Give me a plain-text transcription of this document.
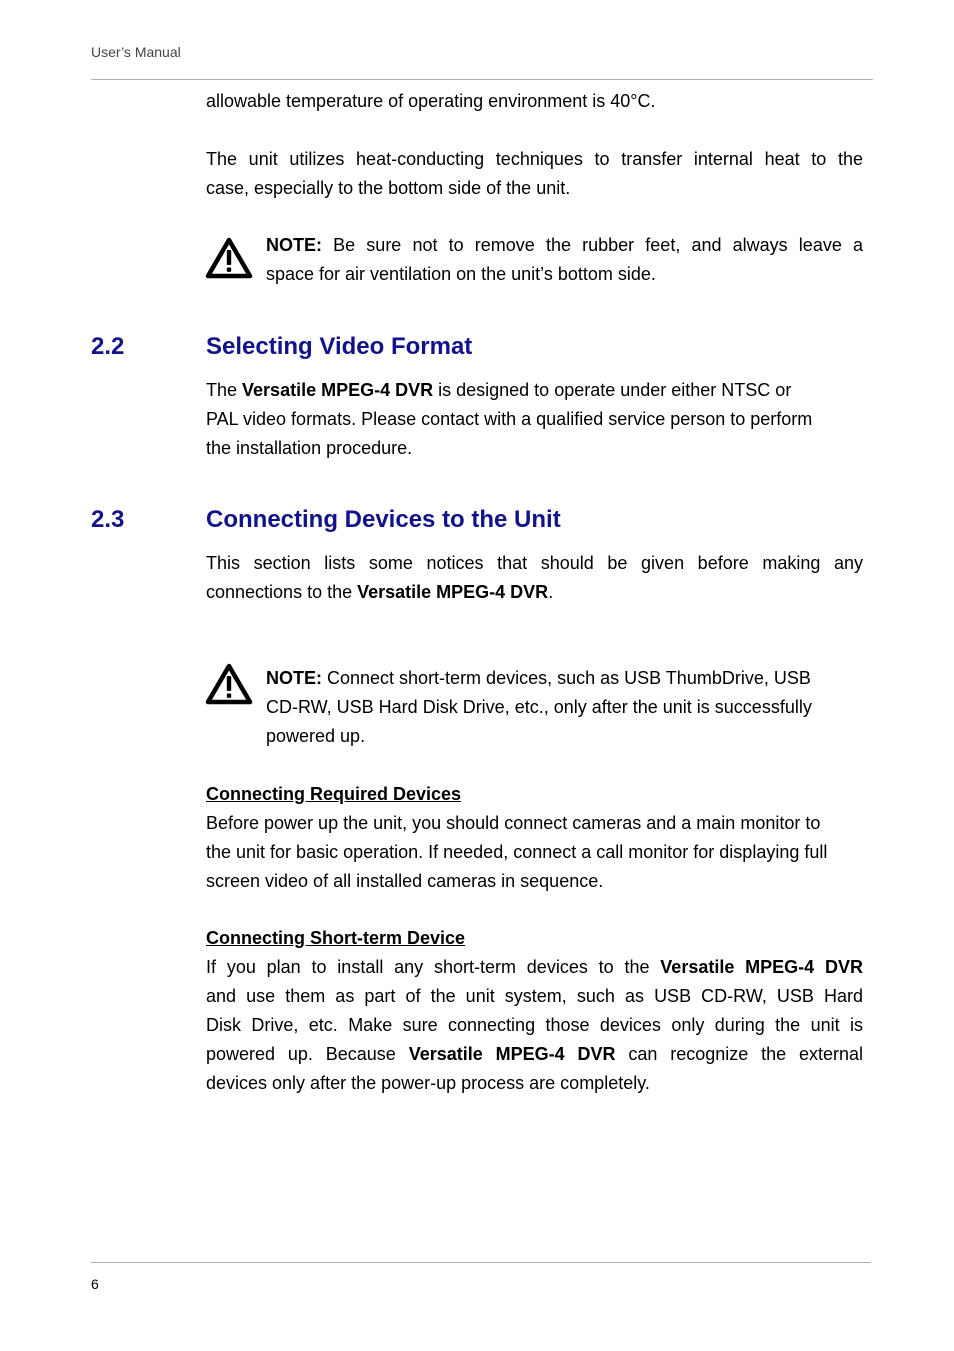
User’s Manual
allowable temperature of operating environment is 40°C.
The unit utilizes heat-conducting techniques to transfer internal heat to the
case, especially to the bottom side of the unit.
NOTE: Be sure not to remove the rubber feet, and always leave a
space for air ventilation on the unit’s bottom side.
2.2	Selecting Video Format
The Versatile MPEG-4 DVR is designed to operate under either NTSC or
PAL video formats. Please contact with a qualified service person to perform
the installation procedure.
2.3	Connecting Devices to the Unit
This section lists some notices that should be given before making any
connections to the Versatile MPEG-4 DVR.
NOTE: Connect short-term devices, such as USB ThumbDrive, USB
CD-RW, USB Hard Disk Drive, etc., only after the unit is successfully
powered up.
Connecting Required Devices
Before power up the unit, you should connect cameras and a main monitor to
the unit for basic operation. If needed, connect a call monitor for displaying full
screen video of all installed cameras in sequence.
Connecting Short-term Device
If you plan to install any short-term devices to the Versatile MPEG-4 DVR
and use them as part of the unit system, such as USB CD-RW, USB Hard
Disk Drive, etc. Make sure connecting those devices only during the unit is
powered up. Because Versatile MPEG-4 DVR can recognize the external
devices only after the power-up process are completely.
6
